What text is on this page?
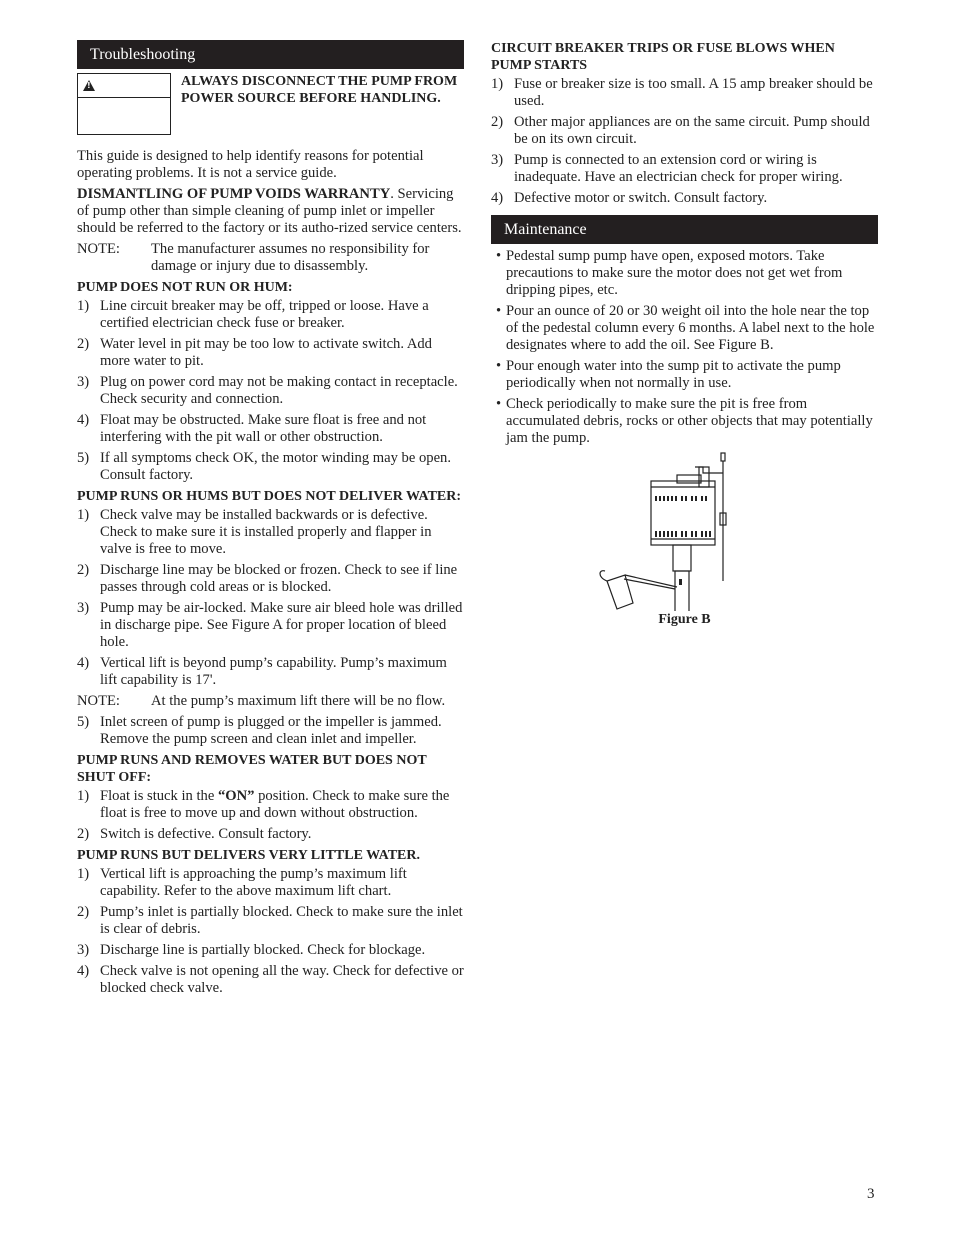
Troubleshooting
!	ALWAYS DISCONNECT THE PUMP FROM POWER SOURCE BEFORE HANDLING.

This guide is designed to help identify reasons for potential operating problems. It is not a service guide.

DISMANTLING OF PUMP VOIDS WARRANTY. Servicing of pump other than simple cleaning of pump inlet or impeller should be referred to the factory or its autho-rized service centers.

NOTE:	The manufacturer assumes no responsibility for damage or injury due to disassembly.
PUMP DOES NOT RUN OR HUM:
1) Line circuit breaker may be off, tripped or loose. Have a certified electrician check fuse or breaker.
2) Water level in pit may be too low to activate switch. Add more water to pit.
3) Plug on power cord may not be making contact in receptacle. Check security and connection.
4) Float may be obstructed. Make sure float is free and not interfering with the pit wall or other obstruction.
5) If all symptoms check OK, the motor winding may be open. Consult factory.
PUMP RUNS OR HUMS BUT DOES NOT DELIVER WATER:
1) Check valve may be installed backwards or is defective. Check to make sure it is installed properly and flapper in valve is free to move.
2) Discharge line may be blocked or frozen. Check to see if line passes through cold areas or is blocked.
3) Pump may be air-locked. Make sure air bleed hole was drilled in discharge pipe. See Figure A for proper location of bleed hole.
4) Vertical lift is beyond pump’s capability. Pump’s maximum lift capability is 17'.
NOTE:	At the pump’s maximum lift there will be no flow.
5) Inlet screen of pump is plugged or the impeller is jammed. Remove the pump screen and clean inlet and impeller.
PUMP RUNS AND REMOVES WATER BUT DOES NOT SHUT OFF:
1) Float is stuck in the “ON” position. Check to make sure the float is free to move up and down without obstruction.
2) Switch is defective. Consult factory.
PUMP RUNS BUT DELIVERS VERY LITTLE WATER.
1) Vertical lift is approaching the pump’s maximum lift capability. Refer to the above maximum lift chart.
2) Pump’s inlet is partially blocked. Check to make sure the inlet is clear of debris.
3) Discharge line is partially blocked. Check for blockage.
4) Check valve is not opening all the way. Check for defective or blocked check valve.
CIRCUIT BREAKER TRIPS OR FUSE BLOWS WHEN PUMP STARTS
1) Fuse or breaker size is too small. A 15 amp breaker should be used.
2) Other major appliances are on the same circuit. Pump should be on its own circuit.
3) Pump is connected to an extension cord or wiring is inadequate. Have an electrician check for proper wiring.
4) Defective motor or switch. Consult factory.
Maintenance
• Pedestal sump pump have open, exposed motors. Take precautions to make sure the motor does not get wet from dripping pipes, etc.
• Pour an ounce of 20 or 30 weight oil into the hole near the top of the pedestal column every 6 months. A label next to the hole designates where to add the oil. See Figure B.
• Pour enough water into the sump pit to activate the pump periodically when not normally in use.
• Check periodically to make sure the pit is free from accumulated debris, rocks or other objects that may potentially jam the pump.
Figure B
3
